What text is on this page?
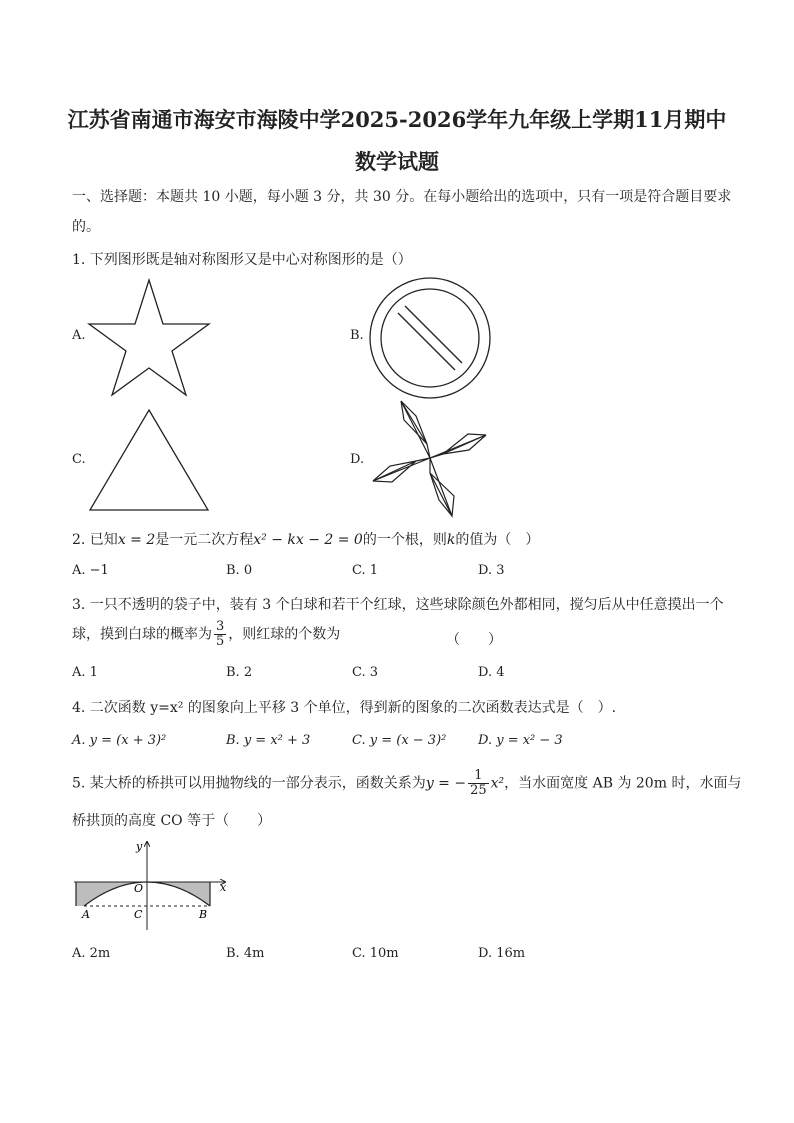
江苏省南通市海安市海陵中学2025-2026学年九年级上学期11月期中
数学试题
一、选择题：本题共 10 小题，每小题 3 分，共 30 分。在每小题给出的选项中，只有一项是符合题目要求
的。
1. 下列图形既是轴对称图形又是中心对称图形的是（）
A.	B.
C.	D.
2. 已知x = 2是一元二次方程x² − kx − 2 = 0的一个根，则k的值为（　）
A. −1	B. 0	C. 1	D. 3
3. 一只不透明的袋子中，装有 3 个白球和若干个红球，这些球除颜色外都相同，搅匀后从中任意摸出一个
球，摸到白球的概率为 $\frac{3}{5}$ ，则红球的个数为	（　　）
A. 1	B. 2	C. 3	D. 4
4. 二次函数 y=x² 的图象向上平移 3 个单位，得到新的图象的二次函数表达式是（　）.
A. y = (x + 3)²	B. y = x² + 3	C. y = (x − 3)² D. y = x² − 3
5. 某大桥的桥拱可以用抛物线的一部分表示，函数关系为y = − $\frac{1}{25} x^2$，当水面宽度 AB 为 20m 时，水面与
桥拱顶的高度 CO 等于（　　）
y
x
O
A	C	B
A. 2m	B. 4m	C. 10m	D. 16m
